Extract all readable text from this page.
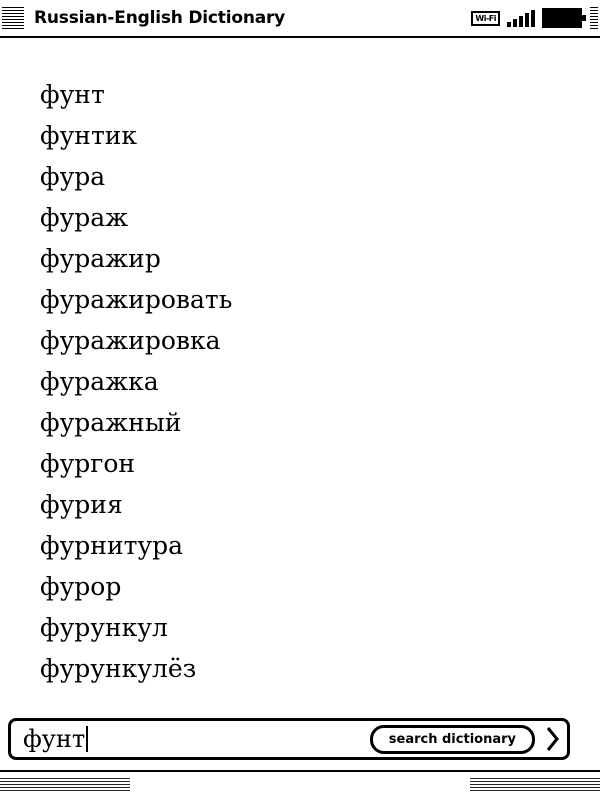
Russian-English Dictionary	Wi-Fi
фунт
фунтик
фура
фураж
фуражир
фуражировать
фуражировка
фуражка
фуражный
фургон
фурия
фурнитура
фурор
фурункул
фурункулёз
фунт	search dictionary
